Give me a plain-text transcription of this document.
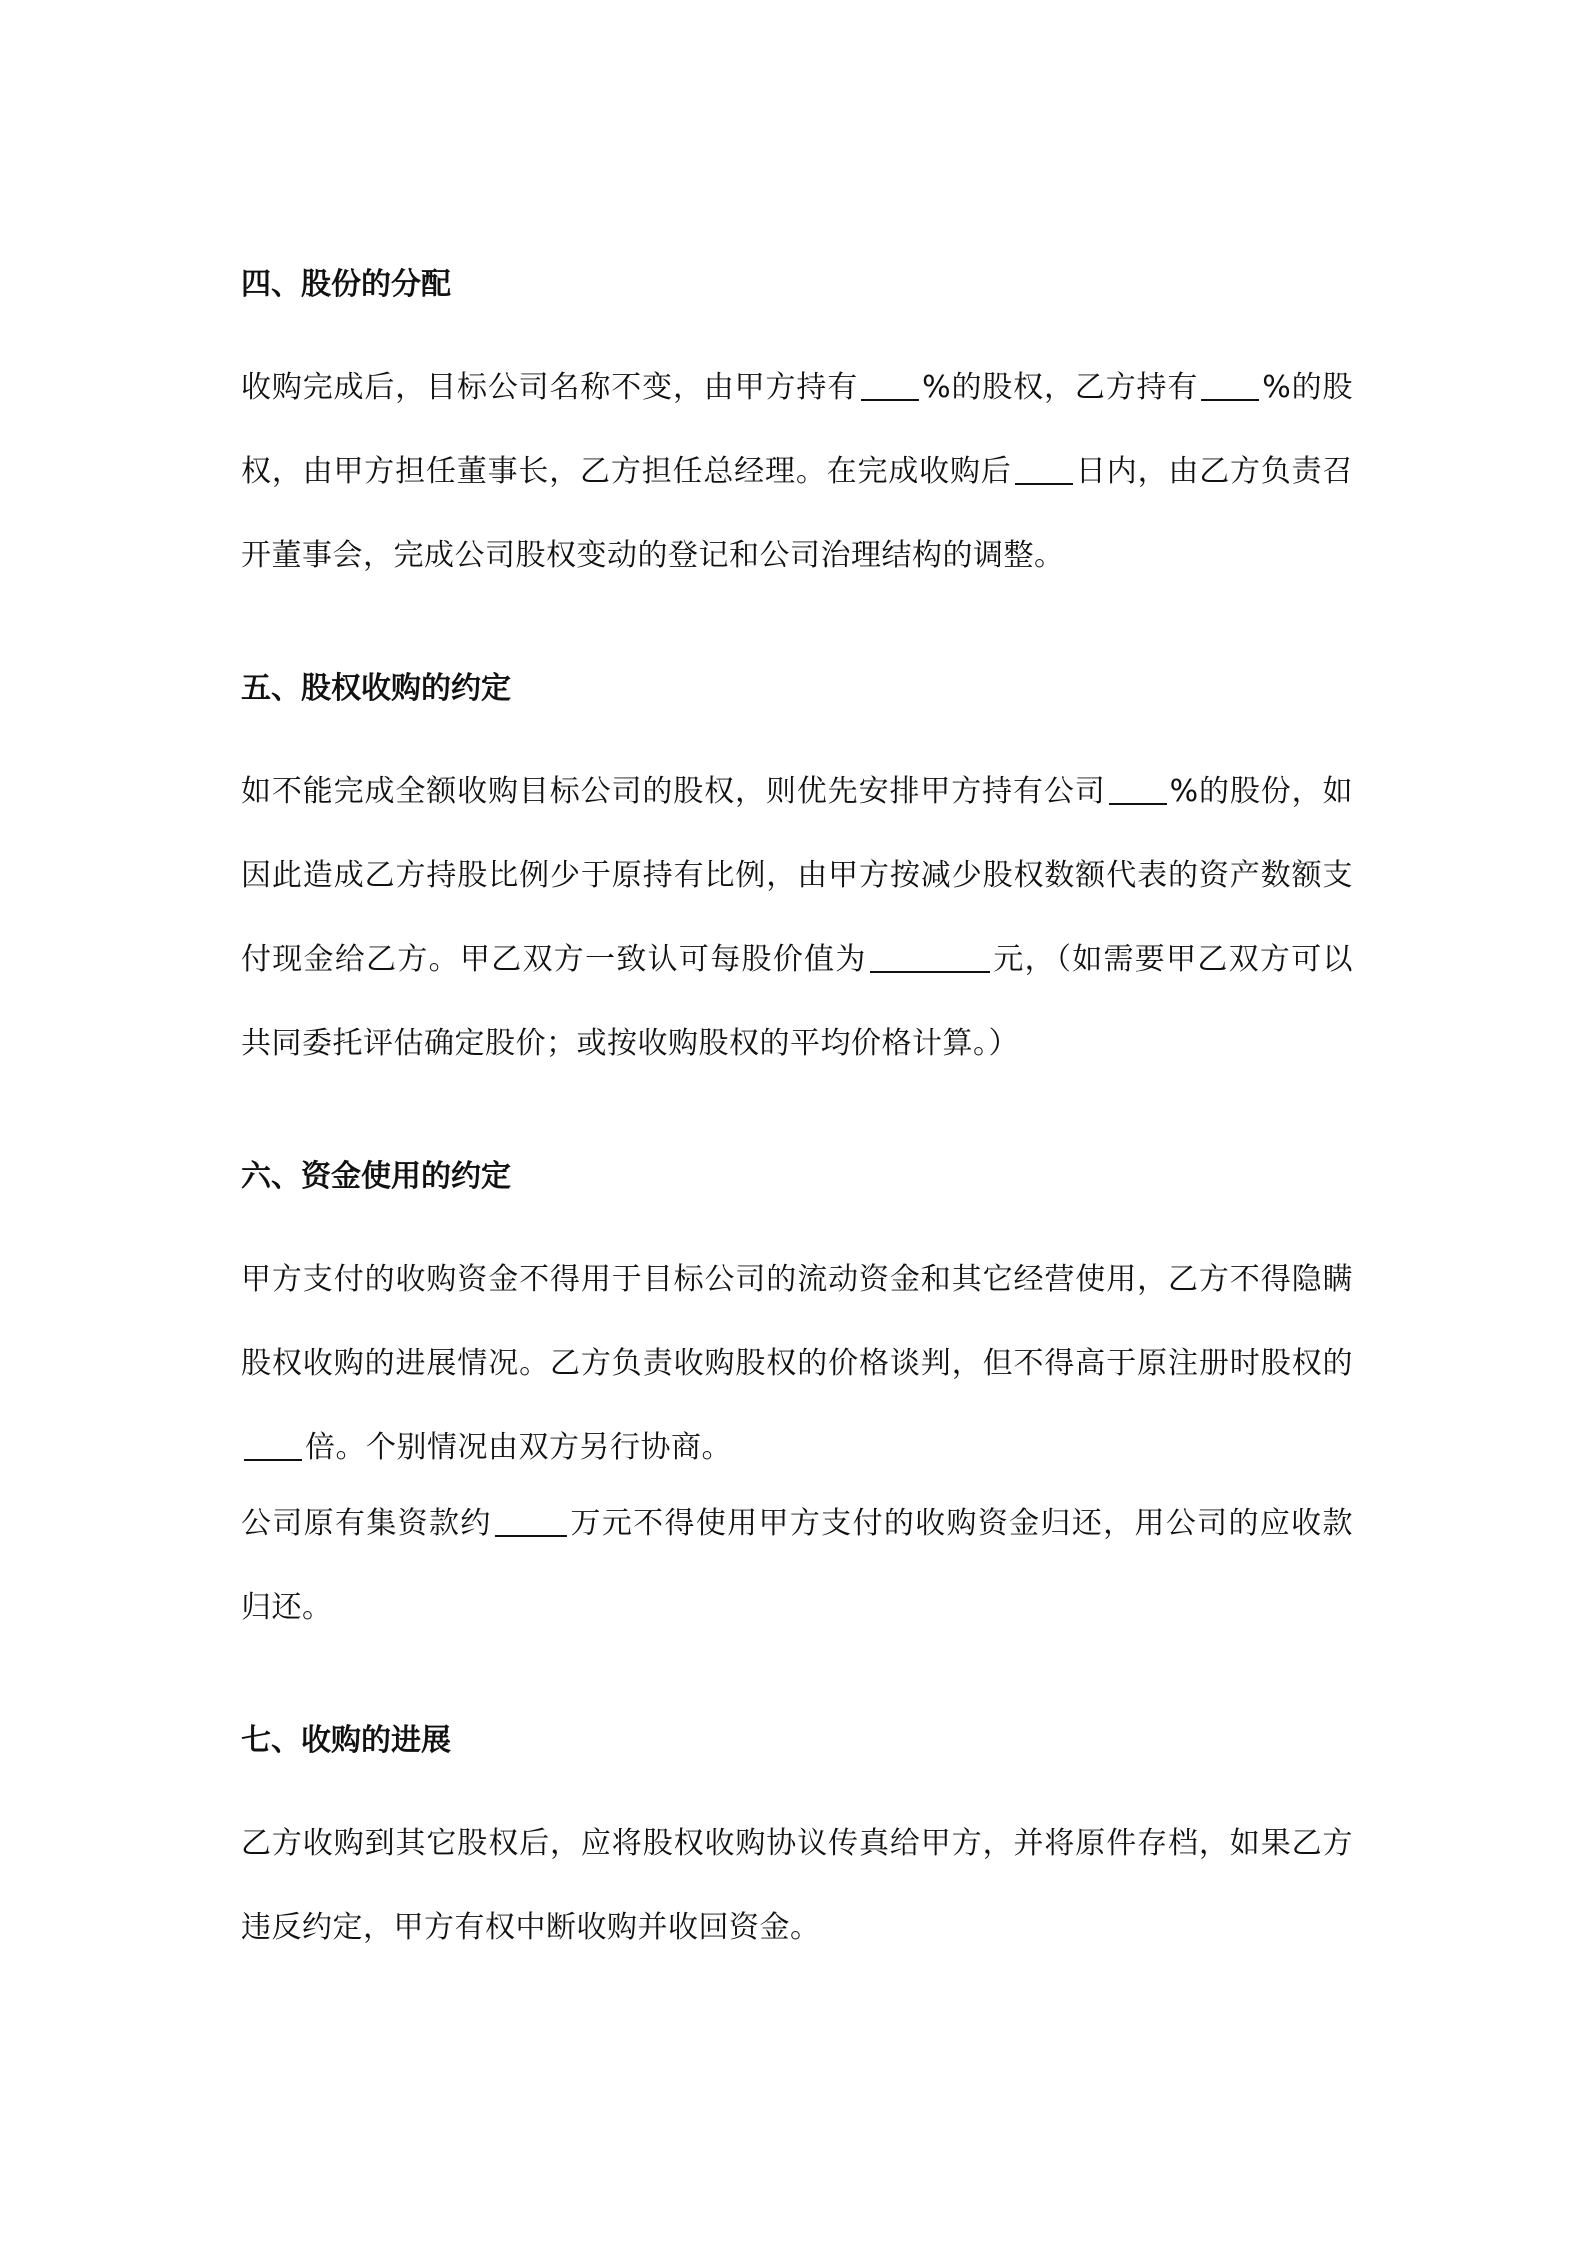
四、股份的分配

收购完成后，目标公司名称不变，由甲方持有 %的股权，乙方持有 %的股权，由甲方担任董事长，乙方担任总经理。在完成收购后 日内，由乙方负责召开董事会，完成公司股权变动的登记和公司治理结构的调整。

五、股权收购的约定

如不能完成全额收购目标公司的股权，则优先安排甲方持有公司 %的股份，如因此造成乙方持股比例少于原持有比例，由甲方按减少股权数额代表的资产数额支付现金给乙方。甲乙双方一致认可每股价值为	元，（如需要甲乙双方可以共同委托评估确定股价；或按收购股权的平均价格计算。）

六、资金使用的约定

甲方支付的收购资金不得用于目标公司的流动资金和其它经营使用，乙方不得隐瞒股权收购的进展情况。乙方负责收购股权的价格谈判，但不得高于原注册时股权的倍。个别情况由双方另行协商。

公司原有集资款约	万元不得使用甲方支付的收购资金归还，用公司的应收款归还。

七、收购的进展

乙方收购到其它股权后，应将股权收购协议传真给甲方，并将原件存档，如果乙方违反约定，甲方有权中断收购并收回资金。
